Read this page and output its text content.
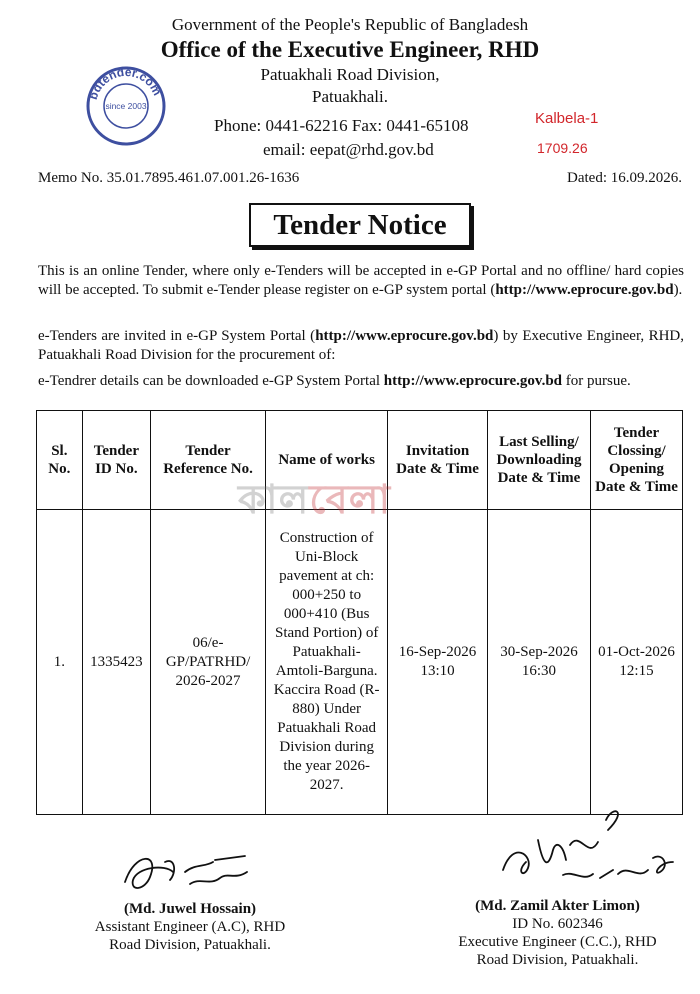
Government of the People's Republic of Bangladesh
Office of the Executive Engineer, RHD
Patuakhali Road Division,
Patuakhali.
bdtender.com
since 2003
Phone: 0441-62216 Fax: 0441-65108
email: eepat@rhd.gov.bd
Kalbela-1
1709.26
Memo No. 35.01.7895.461.07.001.26-1636	Dated: 16.09.2026.
Tender Notice
This is an online Tender, where only e-Tenders will be accepted in e-GP Portal and no offline/ hard copies will be accepted. To submit e-Tender please register on e-GP system portal (http://www.eprocure.gov.bd).
e-Tenders are invited in e-GP System Portal (http://www.eprocure.gov.bd) by Executive Engineer, RHD, Patuakhali Road Division for the procurement of:
e-Tendrer details can be downloaded e-GP System Portal http://www.eprocure.gov.bd for pursue.
Sl. No.	Tender ID No.	Tender Reference No.	Name of works	Invitation Date & Time	Last Selling/ Downloading Date & Time	Tender Clossing/ Opening Date & Time
1.	1335423	06/e-GP/PATRHD/ 2026-2027	Construction of Uni-Block pavement at ch: 000+250 to 000+410 (Bus Stand Portion) of Patuakhali-Amtoli-Barguna. Kaccira Road (R-880) Under Patuakhali Road Division during the year 2026-2027.	16-Sep-2026 13:10	30-Sep-2026 16:30	01-Oct-2026 12:15
কালবেলা
(Md. Juwel Hossain)
Assistant Engineer (A.C), RHD
Road Division, Patuakhali.
(Md. Zamil Akter Limon)
ID No. 602346
Executive Engineer (C.C.), RHD
Road Division, Patuakhali.
